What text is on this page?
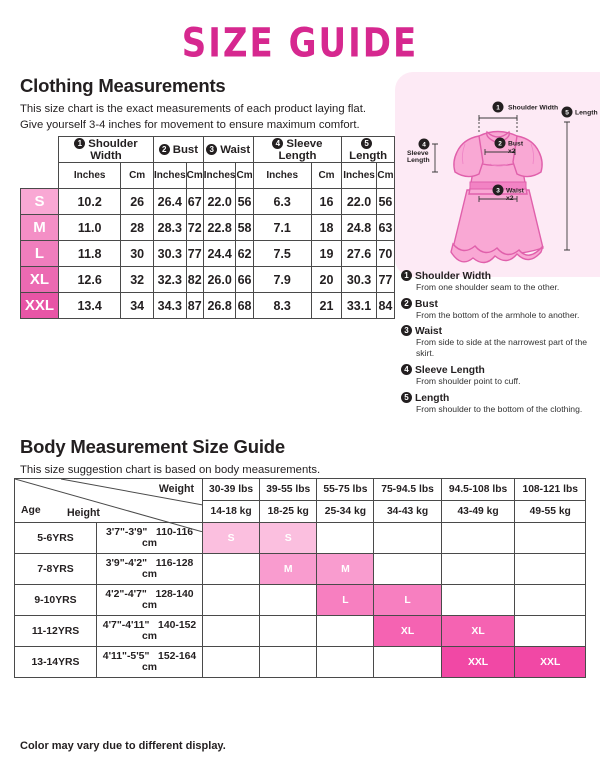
SIZE GUIDE
Clothing Measurements
This size chart is the exact measurements of each product laying flat.
Give yourself 3-4 inches for movement to ensure maximum comfort.
	1 Shoulder Width		2 Bust		3 Waist		4 Sleeve Length		5Length	
	Inches	Cm	Inches	Cm	Inches	Cm	Inches	Cm	Inches	Cm
S	10.2	26	26.4	67	22.0	56	6.3	16	22.0	56
M	11.0	28	28.3	72	22.8	58	7.1	18	24.8	63
L	11.8	30	30.3	77	24.4	62	7.5	19	27.6	70
XL	12.6	32	32.3	82	26.0	66	7.9	20	30.3	77
XXL	13.4	34	34.3	87	26.8	68	8.3	21	33.1	84
1
4	2
3
5
Shoulder Width
Sleeve
Length
Bust
x2
Waist
x2
Length
1 Shoulder Width
From one shoulder seam to the other.
2 Bust
From the bottom of the armhole to another.
3 Waist
From side to side at the narrowest part of the skirt.
4 Sleeve Length
From shoulder point to cuff.
5 Length
From shoulder to the bottom of the clothing.
Body Measurement Size Guide
This size suggestion chart is based on body measurements.
Age
Weight
Height		30-39 lbs	39-55 lbs	55-75 lbs	75-94.5 lbs	94.5-108 lbs	108-121 lbs
		14-18 kg	18-25 kg	25-34 kg	34-43 kg	43-49 kg	49-55 kg
5-6YRS	3'7"-3'9" 110-116 cm	S	S				
7-8YRS	3'9"-4'2" 116-128 cm		M	M			
9-10YRS	4'2"-4'7" 128-140 cm			L	L		
11-12YRS	4'7"-4'11" 140-152 cm				XL	XL	
13-14YRS	4'11"-5'5" 152-164 cm					XXL	XXL
Color may vary due to different display.
